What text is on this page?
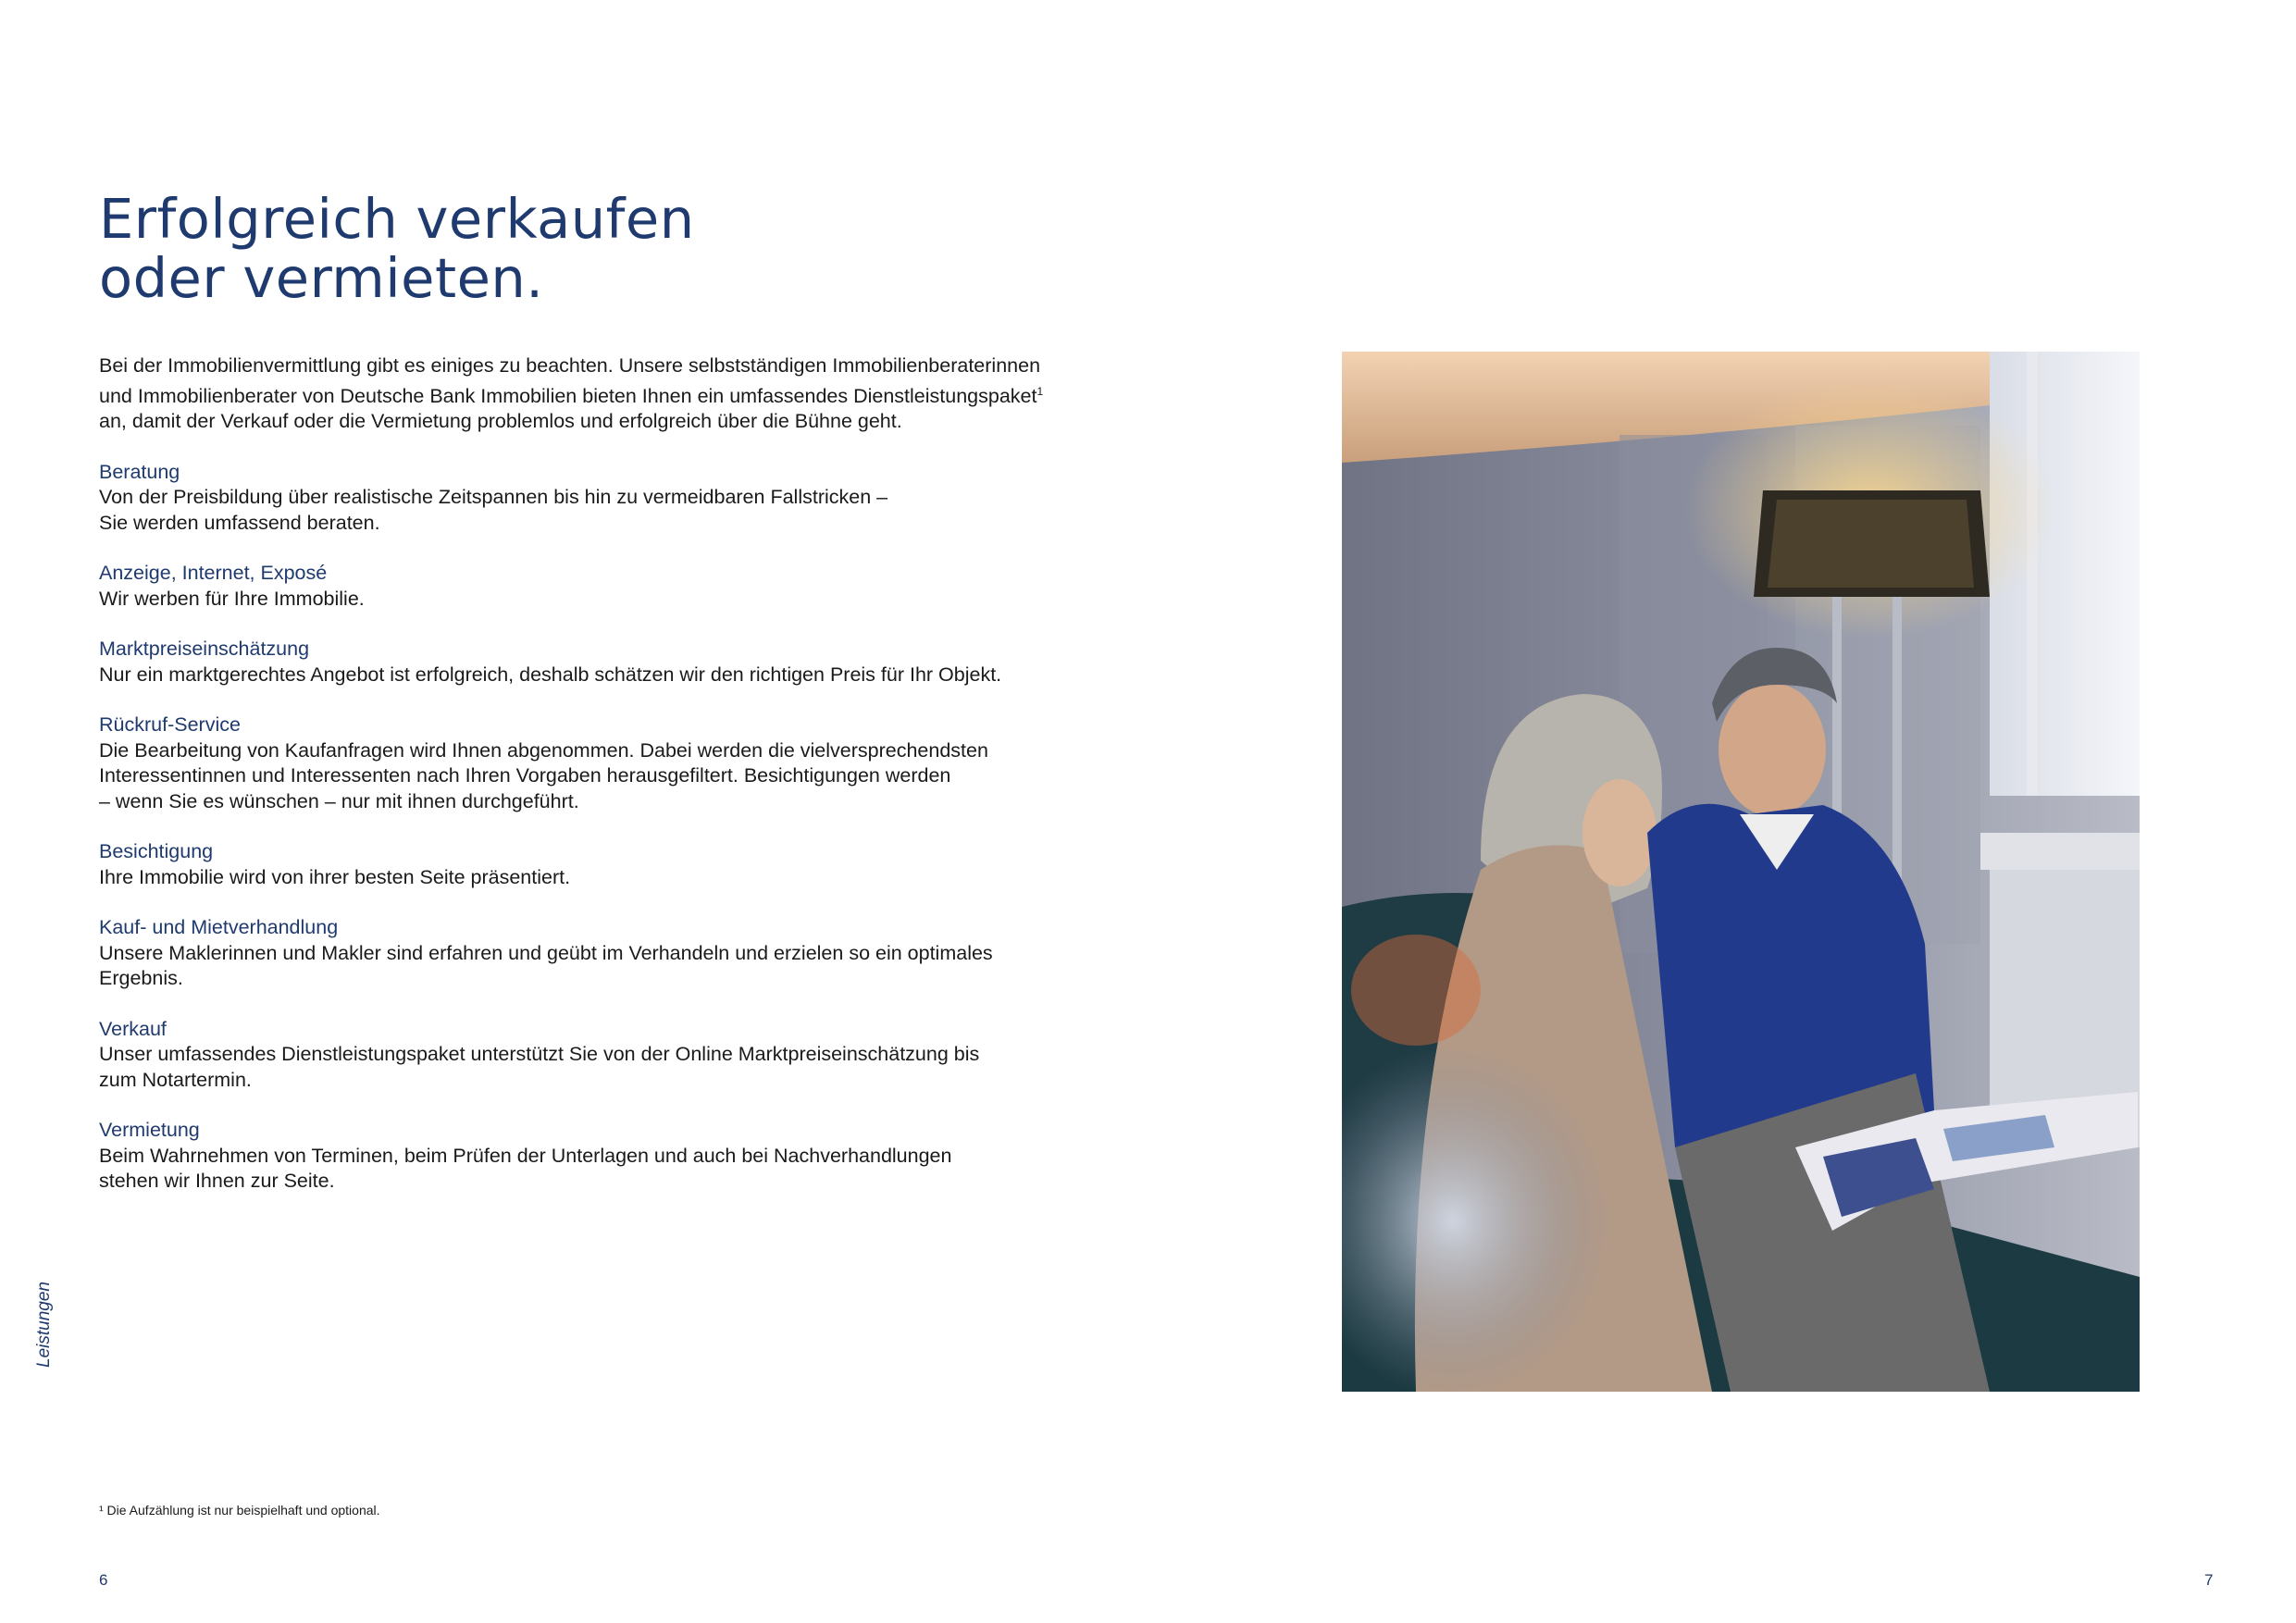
Erfolgreich verkaufen
oder vermieten.

Bei der Immobilienvermittlung gibt es einiges zu beachten. Unsere selbstständigen Immobilienberaterinnen
und Immobilienberater von Deutsche Bank Immobilien bieten Ihnen ein umfassendes Dienstleistungspaket$^1$
an, damit der Verkauf oder die Vermietung problemlos und erfolgreich über die Bühne geht.

Beratung
Von der Preisbildung über realistische Zeitspannen bis hin zu vermeidbaren Fallstricken –
Sie werden umfassend beraten.
Anzeige, Internet, Exposé
Wir werben für Ihre Immobilie.
Marktpreiseinschätzung
Nur ein marktgerechtes Angebot ist erfolgreich, deshalb schätzen wir den richtigen Preis für Ihr Objekt.
Rückruf-Service
Die Bearbeitung von Kaufanfragen wird Ihnen abgenommen. Dabei werden die vielversprechendsten
Interessentinnen und Interessenten nach Ihren Vorgaben herausgefiltert. Besichtigungen werden
– wenn Sie es wünschen – nur mit ihnen durchgeführt.
Besichtigung
Ihre Immobilie wird von ihrer besten Seite präsentiert.
Kauf- und Mietverhandlung
Unsere Maklerinnen und Makler sind erfahren und geübt im Verhandeln und erzielen so ein optimales
Ergebnis.
Verkauf
Unser umfassendes Dienstleistungspaket unterstützt Sie von der Online Marktpreiseinschätzung bis
zum Notartermin.
Vermietung
Beim Wahrnehmen von Terminen, beim Prüfen der Unterlagen und auch bei Nachverhandlungen
stehen wir Ihnen zur Seite.
Leistungen
¹ Die Aufzählung ist nur beispielhaft und optional.
6	7
